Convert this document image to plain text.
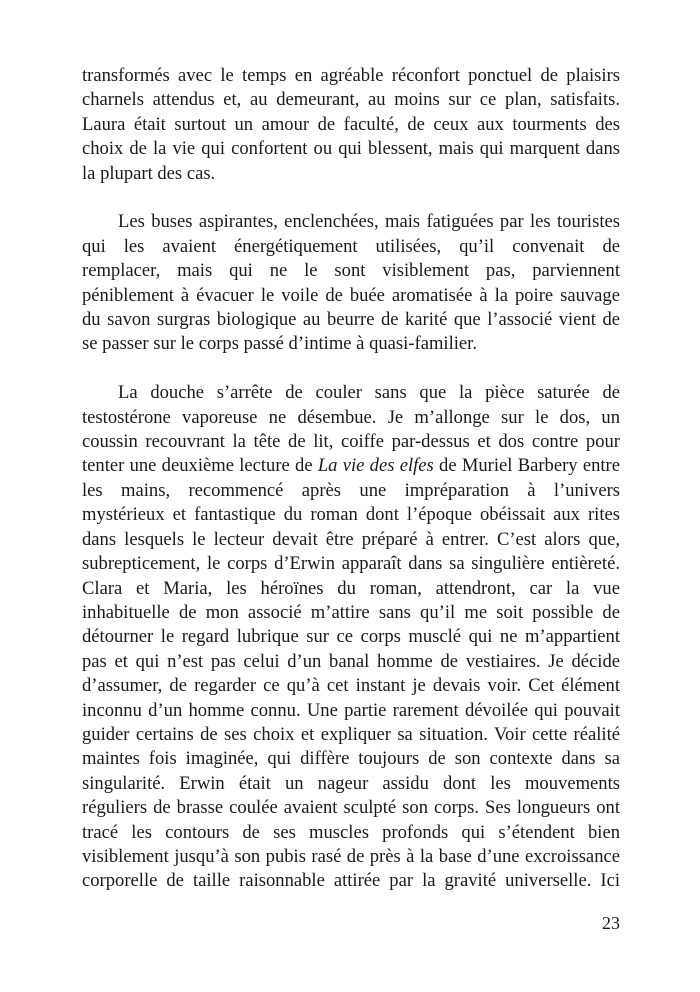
transformés avec le temps en agréable réconfort ponctuel de plaisirs
charnels attendus et, au demeurant, au moins sur ce plan, satisfaits.
Laura était surtout un amour de faculté, de ceux aux tourments des
choix de la vie qui confortent ou qui blessent, mais qui marquent dans
la plupart des cas.

Les buses aspirantes, enclenchées, mais fatiguées par les touristes
qui les avaient énergétiquement utilisées, qu’il convenait de
remplacer, mais qui ne le sont visiblement pas, parviennent
péniblement à évacuer le voile de buée aromatisée à la poire sauvage
du savon surgras biologique au beurre de karité que l’associé vient de
se passer sur le corps passé d’intime à quasi-familier.

La douche s’arrête de couler sans que la pièce saturée de
testostérone vaporeuse ne désembue. Je m’allonge sur le dos, un
coussin recouvrant la tête de lit, coiffe par-dessus et dos contre pour
tenter une deuxième lecture de La vie des elfes de Muriel Barbery entre
les mains, recommencé après une impréparation à l’univers
mystérieux et fantastique du roman dont l’époque obéissait aux rites
dans lesquels le lecteur devait être préparé à entrer. C’est alors que,
subrepticement, le corps d’Erwin apparaît dans sa singulière entièreté.
Clara et Maria, les héroïnes du roman, attendront, car la vue
inhabituelle de mon associé m’attire sans qu’il me soit possible de
détourner le regard lubrique sur ce corps musclé qui ne m’appartient
pas et qui n’est pas celui d’un banal homme de vestiaires. Je décide
d’assumer, de regarder ce qu’à cet instant je devais voir. Cet élément
inconnu d’un homme connu. Une partie rarement dévoilée qui pouvait
guider certains de ses choix et expliquer sa situation. Voir cette réalité
maintes fois imaginée, qui diffère toujours de son contexte dans sa
singularité. Erwin était un nageur assidu dont les mouvements
réguliers de brasse coulée avaient sculpté son corps. Ses longueurs ont
tracé les contours de ses muscles profonds qui s’étendent bien
visiblement jusqu’à son pubis rasé de près à la base d’une excroissance
corporelle de taille raisonnable attirée par la gravité universelle. Ici

23
